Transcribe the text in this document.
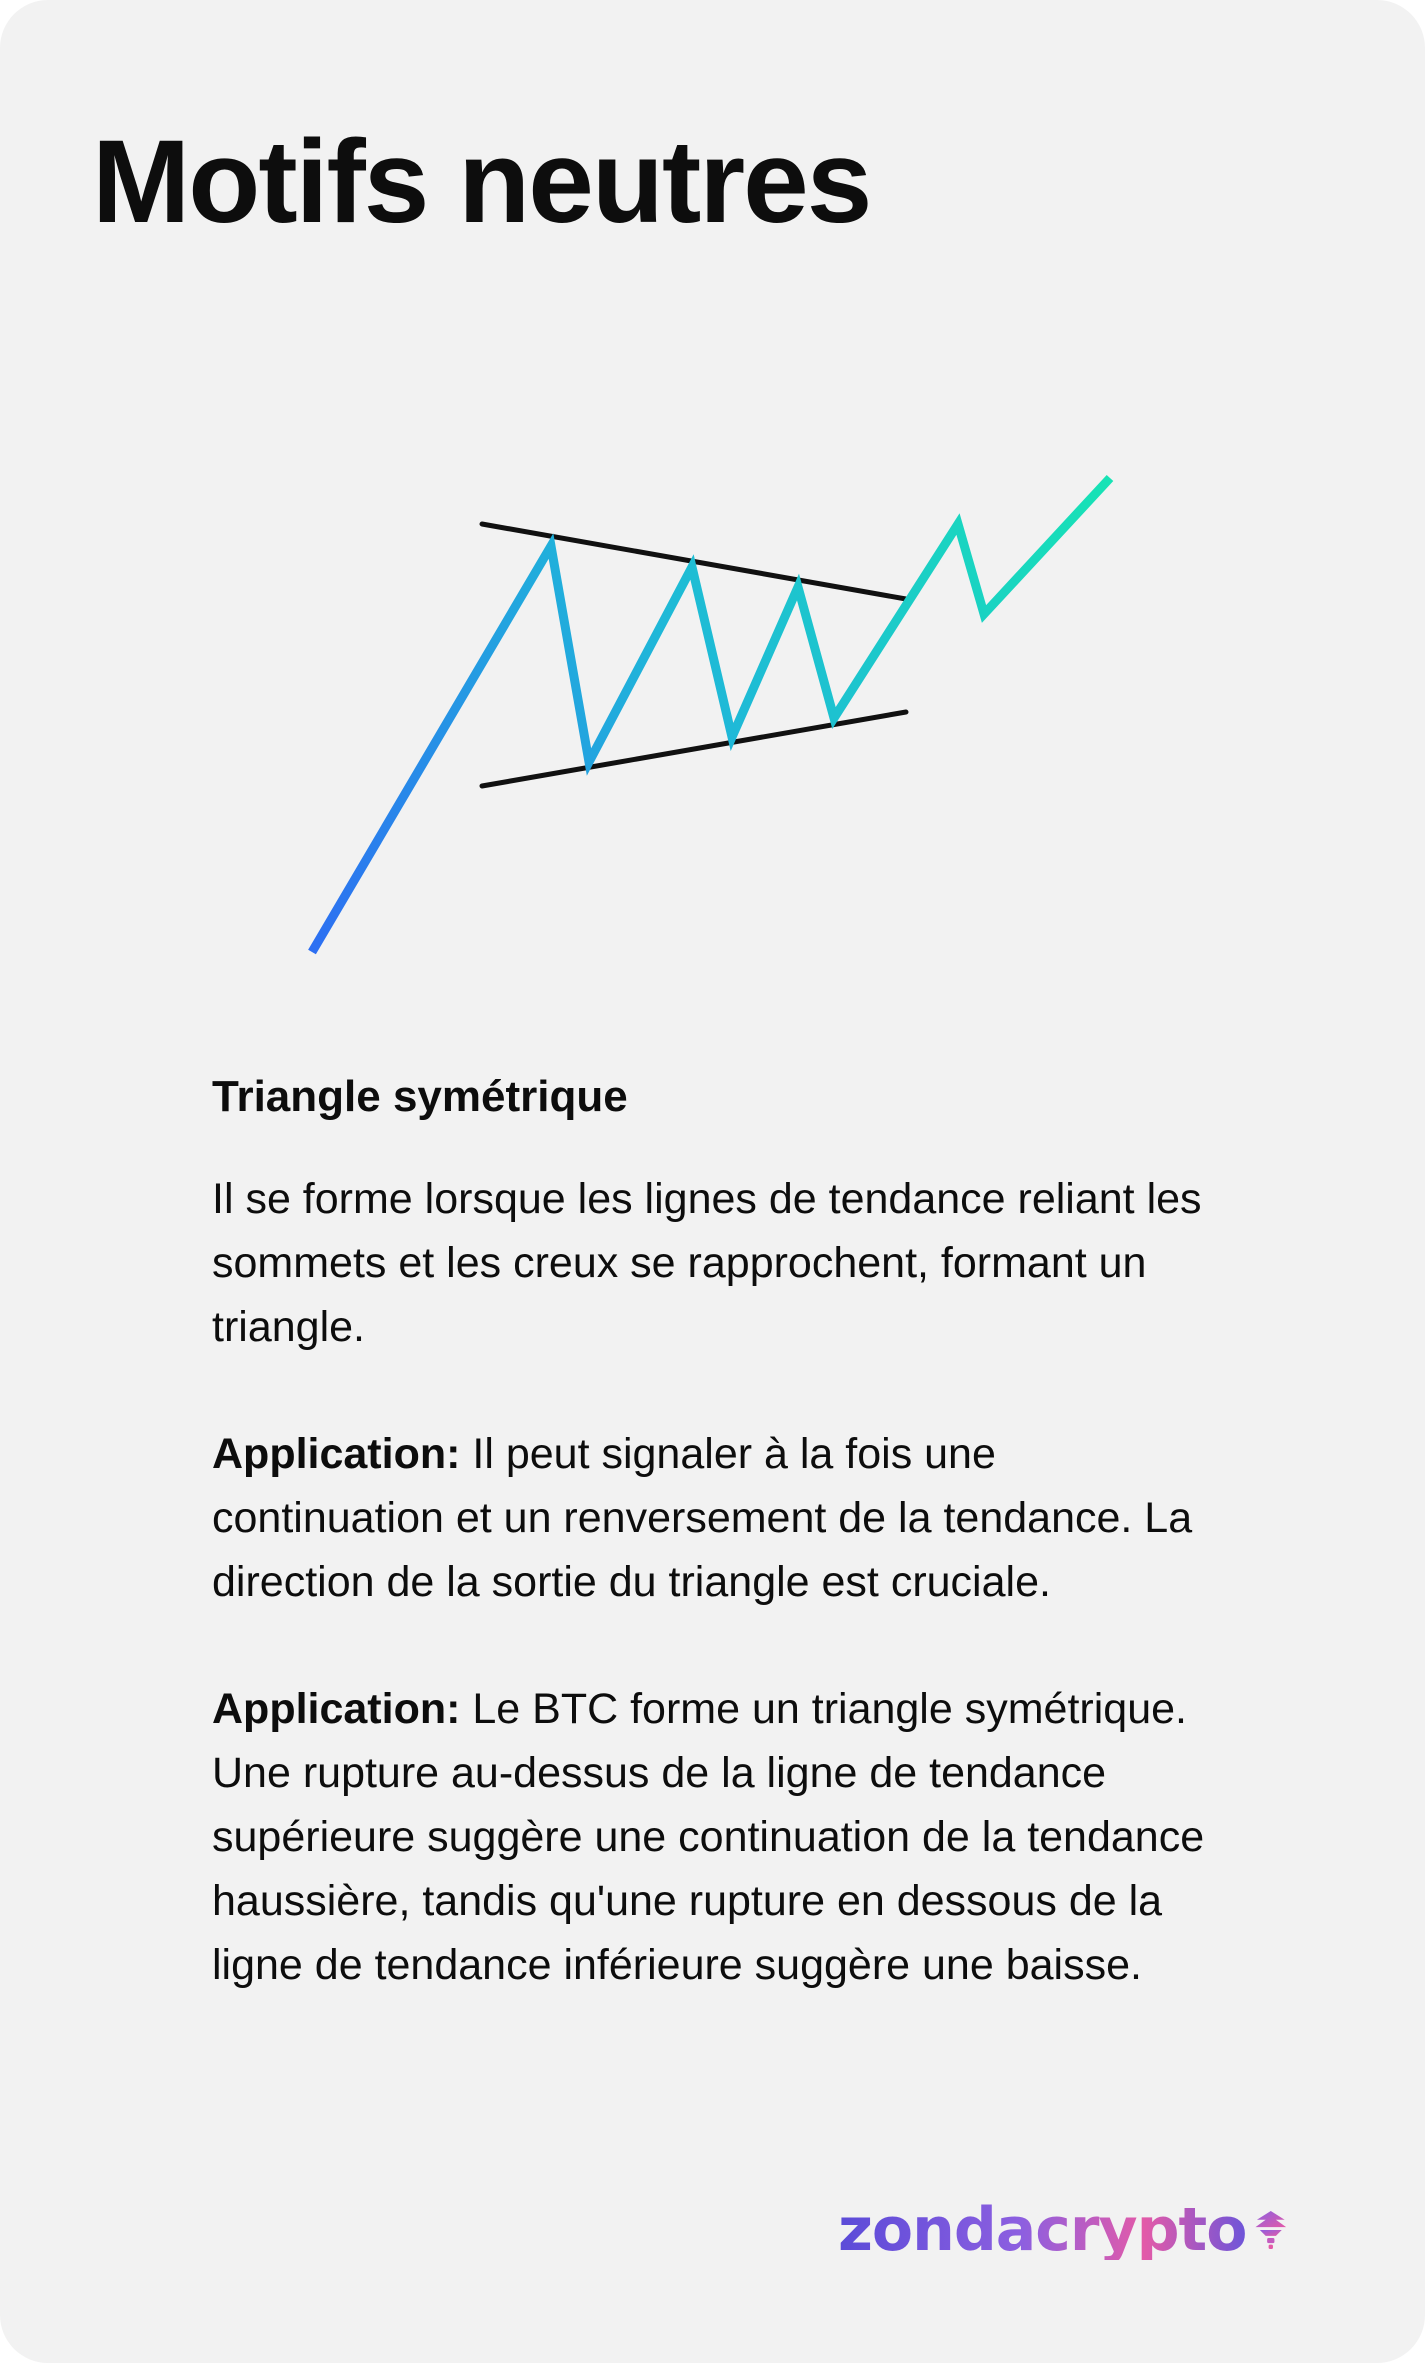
Motifs neutres
Triangle symétrique

Il se forme lorsque les lignes de tendance reliant les sommets et les creux se rapprochent, formant un triangle.

Application: Il peut signaler à la fois une continuation et un renversement de la tendance. La direction de la sortie du triangle est cruciale.

Application: Le BTC forme un triangle symétrique. Une rupture au-dessus de la ligne de tendance supérieure suggère une continuation de la tendance haussière, tandis qu'une rupture en dessous de la ligne de tendance inférieure suggère une baisse.

zondacrypto
